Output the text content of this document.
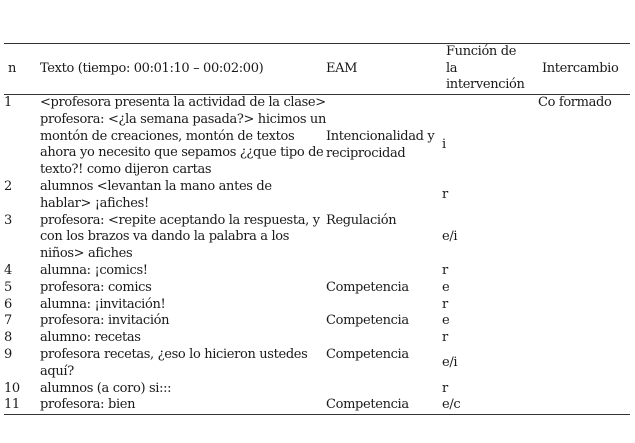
n	Texto (tiempo: 00:01:10 – 00:02:00)	EAM	Función de
la
intervención	Intercambio
1	<profesora presenta la actividad de la clase> profesora: <¿la semana pasada?> hicimos un montón de creaciones, montón de textos ahora yo necesito que sepamos ¿¿que tipo de texto?! como dijeron cartas	Intencionalidad y reciprocidad	i	Co formado
2	alumnos <levantan la mano antes de hablar> ¡afiches!		r	
3	profesora: <repite aceptando la respuesta, y con los brazos va dando la palabra a los niños> afiches	Regulación	e/i	
4	alumna: ¡comics!		r	
5	profesora: comics	Competencia	e	
6	alumna: ¡invitación!		r	
7	profesora: invitación	Competencia	e	
8	alumno: recetas		r	
9	profesora recetas, ¿eso lo hicieron ustedes aquí?	Competencia	e/i	
10	alumnos (a coro) si:::		r	
11	profesora: bien	Competencia	e/c	
